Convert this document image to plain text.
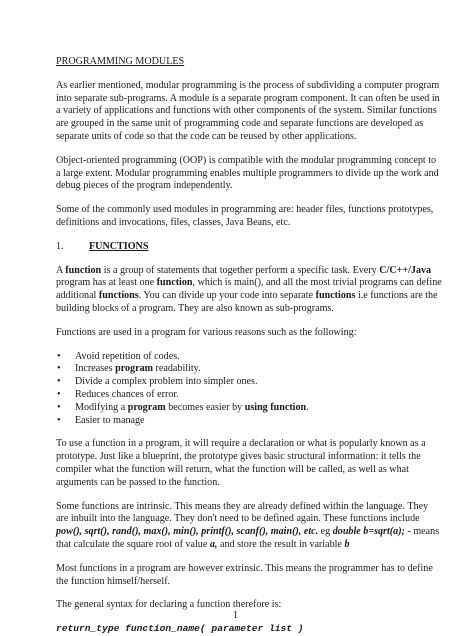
PROGRAMMING MODULES

As earlier mentioned, modular programming is the process of subdividing a computer program into separate sub-programs. A module is a separate program component. It can often be used in a variety of applications and functions with other components of the system. Similar functions are grouped in the same unit of programming code and separate functions are developed as separate units of code so that the code can be reused by other applications.

Object-oriented programming (OOP) is compatible with the modular programming concept to a large extent. Modular programming enables multiple programmers to divide up the work and debug pieces of the program independently.

Some of the commonly used modules in programming are: header files, functions prototypes, definitions and invocations, files, classes, Java Beans, etc.

1.	FUNCTIONS

A function is a group of statements that together perform a specific task. Every C/C++/Java program has at least one function, which is main(), and all the most trivial programs can define additional functions. You can divide up your code into separate functions i.e functions are the building blocks of a program. They are also known as sub-programs.

Functions are used in a program for various reasons such as the following:

• Avoid repetition of codes.
• Increases program readability.
• Divide a complex problem into simpler ones.
• Reduces chances of error.
• Modifying a program becomes easier by using function.
• Easier to manage

To use a function in a program, it will require a declaration or what is popularly known as a prototype. Just like a blueprint, the prototype gives basic structural information: it tells the compiler what the function will return, what the function will be called, as well as what arguments can be passed to the function.

Some functions are intrinsic. This means they are already defined within the language. They are inbuilt into the language. They don't need to be defined again. These functions include pow(), sqrt(), rand(), max(), min(), printf(), scanf(), main(), etc. eg double b=sqrt(a); - means that calculate the square root of value a, and store the result in variable b

Most functions in a program are however extrinsic. This means the programmer has to define the function himself/herself.

The general syntax for declaring a function therefore is:

return_type function_name( parameter list )

1
